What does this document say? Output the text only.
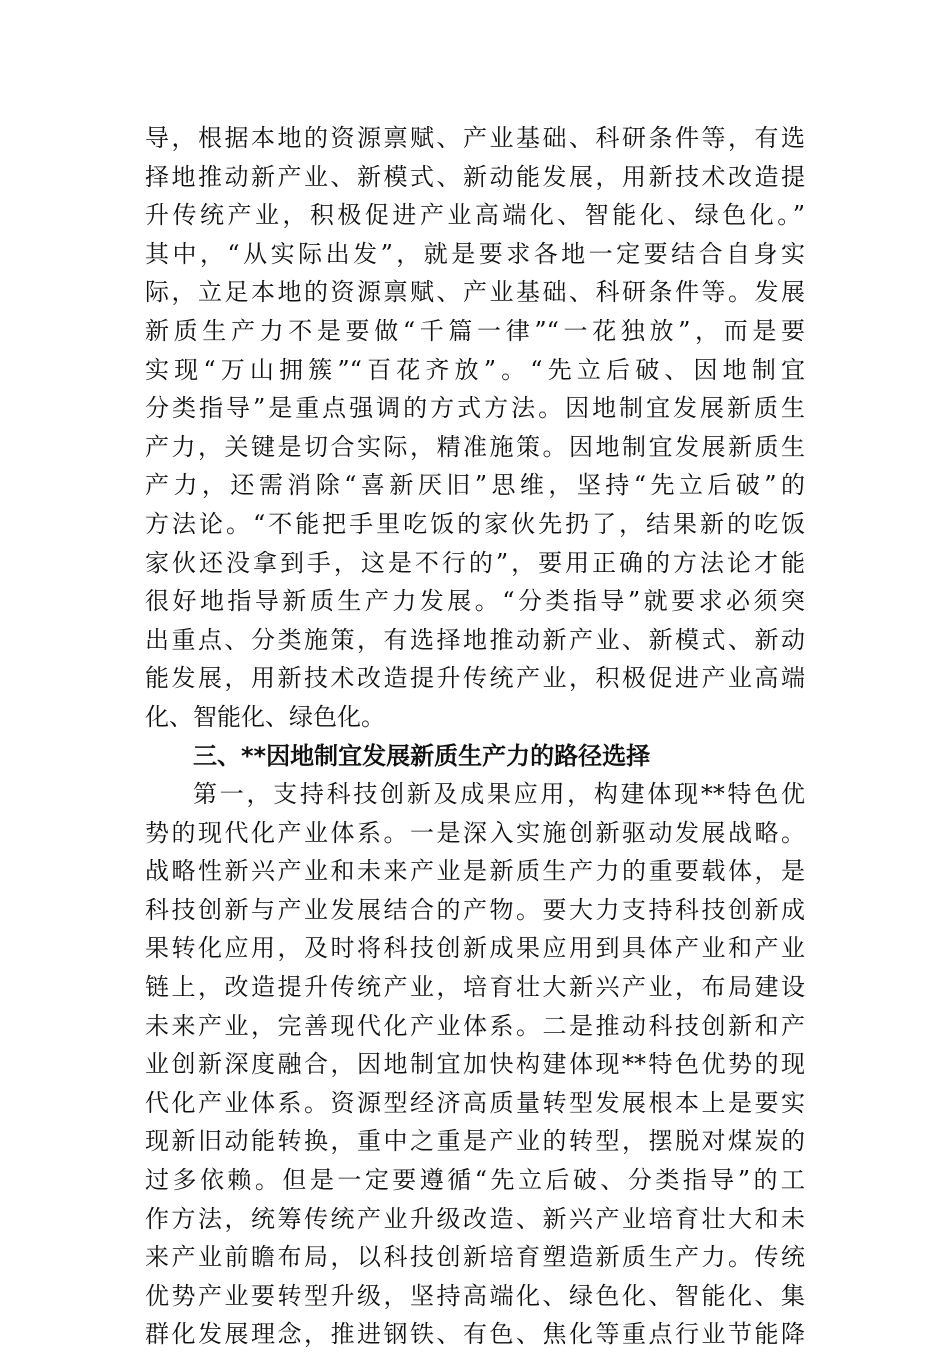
导，根据本地的资源禀赋、产业基础、科研条件等，有选
择地推动新产业、新模式、新动能发展，用新技术改造提
升传统产业，积极促进产业高端化、智能化、绿色化。”
其中，“从实际出发”，就是要求各地一定要结合自身实
际，立足本地的资源禀赋、产业基础、科研条件等。发展
新质生产力不是要做“千篇一律”“一花独放”，而是要
实现“万山拥簇”“百花齐放”。“先立后破、因地制宜
分类指导”是重点强调的方式方法。因地制宜发展新质生
产力，关键是切合实际，精准施策。因地制宜发展新质生
产力，还需消除“喜新厌旧”思维，坚持“先立后破”的
方法论。“不能把手里吃饭的家伙先扔了，结果新的吃饭
家伙还没拿到手，这是不行的”，要用正确的方法论才能
很好地指导新质生产力发展。“分类指导”就要求必须突
出重点、分类施策，有选择地推动新产业、新模式、新动
能发展，用新技术改造提升传统产业，积极促进产业高端
化、智能化、绿色化。
三、**因地制宜发展新质生产力的路径选择
第一，支持科技创新及成果应用，构建体现**特色优
势的现代化产业体系。一是深入实施创新驱动发展战略。
战略性新兴产业和未来产业是新质生产力的重要载体，是
科技创新与产业发展结合的产物。要大力支持科技创新成
果转化应用，及时将科技创新成果应用到具体产业和产业
链上，改造提升传统产业，培育壮大新兴产业，布局建设
未来产业，完善现代化产业体系。二是推动科技创新和产
业创新深度融合，因地制宜加快构建体现**特色优势的现
代化产业体系。资源型经济高质量转型发展根本上是要实
现新旧动能转换，重中之重是产业的转型，摆脱对煤炭的
过多依赖。但是一定要遵循“先立后破、分类指导”的工
作方法，统筹传统产业升级改造、新兴产业培育壮大和未
来产业前瞻布局，以科技创新培育塑造新质生产力。传统
优势产业要转型升级，坚持高端化、绿色化、智能化、集
群化发展理念，推进钢铁、有色、焦化等重点行业节能降
